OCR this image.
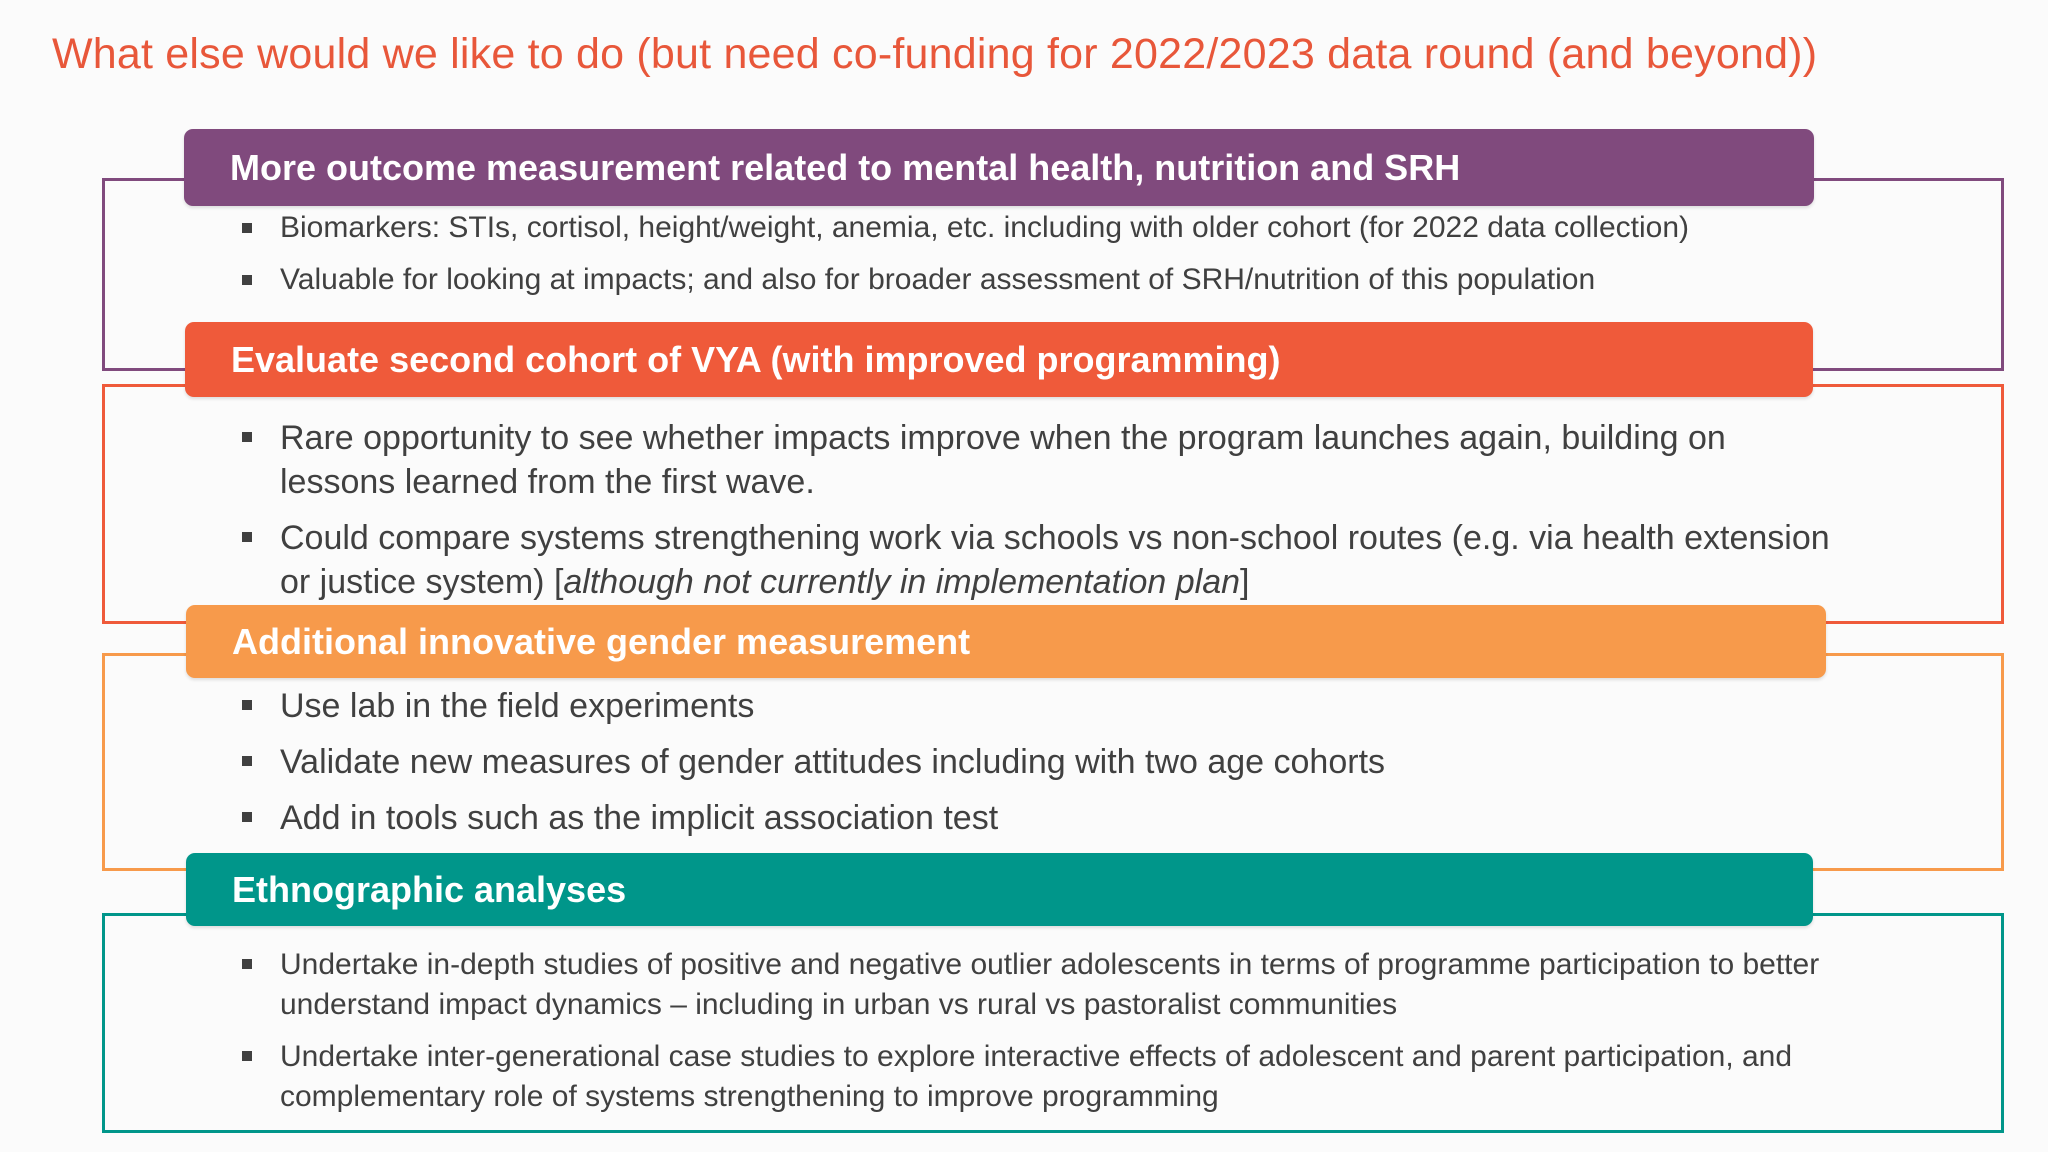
What else would we like to do (but need co-funding for 2022/2023 data round (and beyond))
More outcome measurement related to mental health, nutrition and SRH
Biomarkers: STIs, cortisol, height/weight, anemia, etc. including with older cohort (for 2022 data collection)
Valuable for looking at impacts; and also for broader assessment of SRH/nutrition of this population
Evaluate second cohort of VYA (with improved programming)
Rare opportunity to see whether impacts improve when the program launches again, building on lessons learned from the first wave.
Could compare systems strengthening work via schools vs non-school routes (e.g. via health extension or justice system) [although not currently in implementation plan]
Additional innovative gender measurement
Use lab in the field experiments
Validate new measures of gender attitudes including with two age cohorts
Add in tools such as the implicit association test
Ethnographic analyses
Undertake in-depth studies of positive and negative outlier adolescents in terms of programme participation to better understand impact dynamics – including in urban vs rural vs pastoralist communities
Undertake inter-generational case studies to explore interactive effects of adolescent and parent participation, and complementary role of systems strengthening to improve programming
